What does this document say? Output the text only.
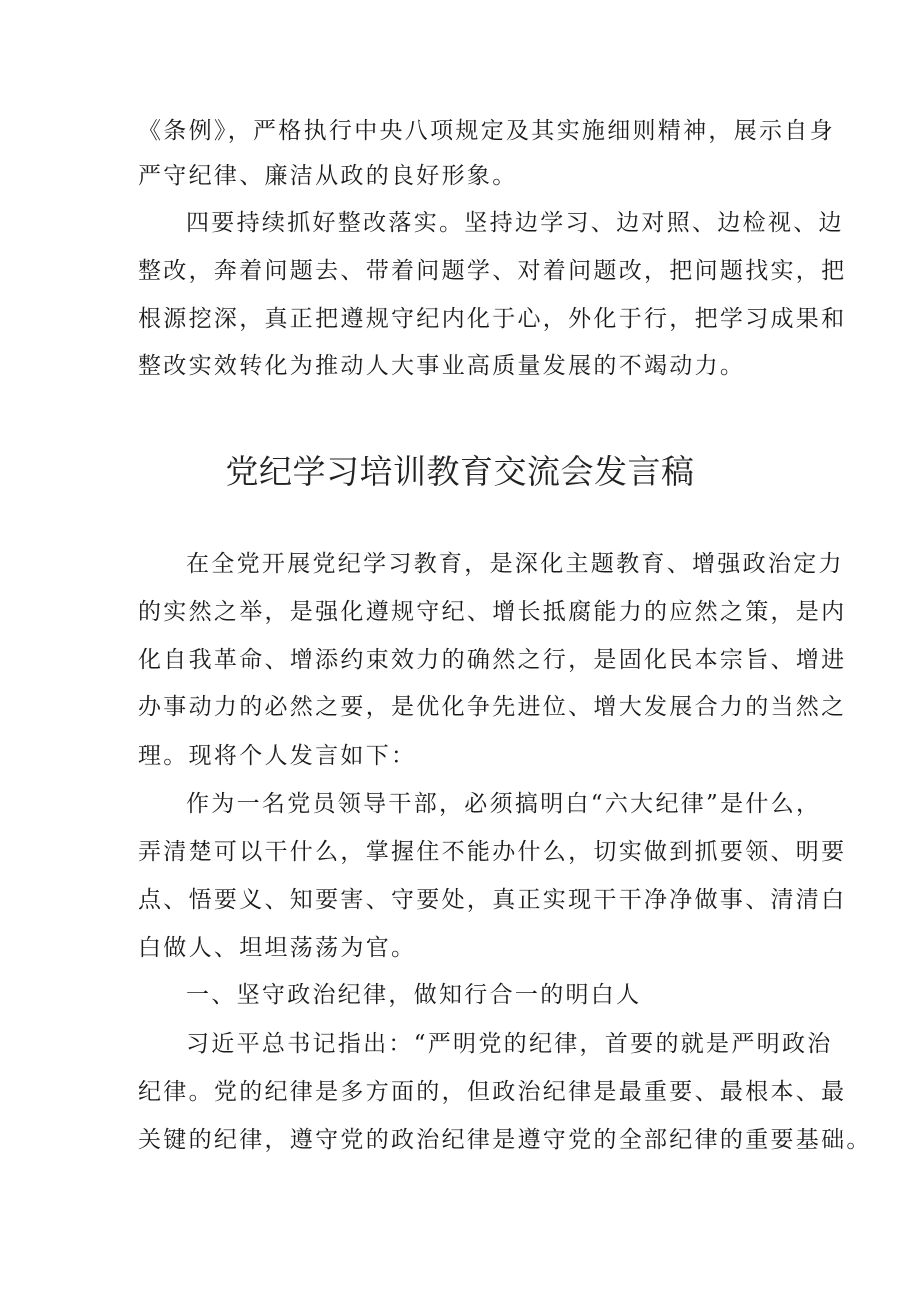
《条例》，严格执行中央八项规定及其实施细则精神，展示自身
严守纪律、廉洁从政的良好形象。
四要持续抓好整改落实。坚持边学习、边对照、边检视、边
整改，奔着问题去、带着问题学、对着问题改，把问题找实，把
根源挖深，真正把遵规守纪内化于心，外化于行，把学习成果和
整改实效转化为推动人大事业高质量发展的不竭动力。
党纪学习培训教育交流会发言稿
在全党开展党纪学习教育，是深化主题教育、增强政治定力
的实然之举，是强化遵规守纪、增长抵腐能力的应然之策，是内
化自我革命、增添约束效力的确然之行，是固化民本宗旨、增进
办事动力的必然之要，是优化争先进位、增大发展合力的当然之
理。现将个人发言如下：
作为一名党员领导干部，必须搞明白“六大纪律”是什么，
弄清楚可以干什么，掌握住不能办什么，切实做到抓要领、明要
点、悟要义、知要害、守要处，真正实现干干净净做事、清清白
白做人、坦坦荡荡为官。
一、坚守政治纪律，做知行合一的明白人
习近平总书记指出：“严明党的纪律，首要的就是严明政治
纪律。党的纪律是多方面的，但政治纪律是最重要、最根本、最
关键的纪律，遵守党的政治纪律是遵守党的全部纪律的重要基础。
